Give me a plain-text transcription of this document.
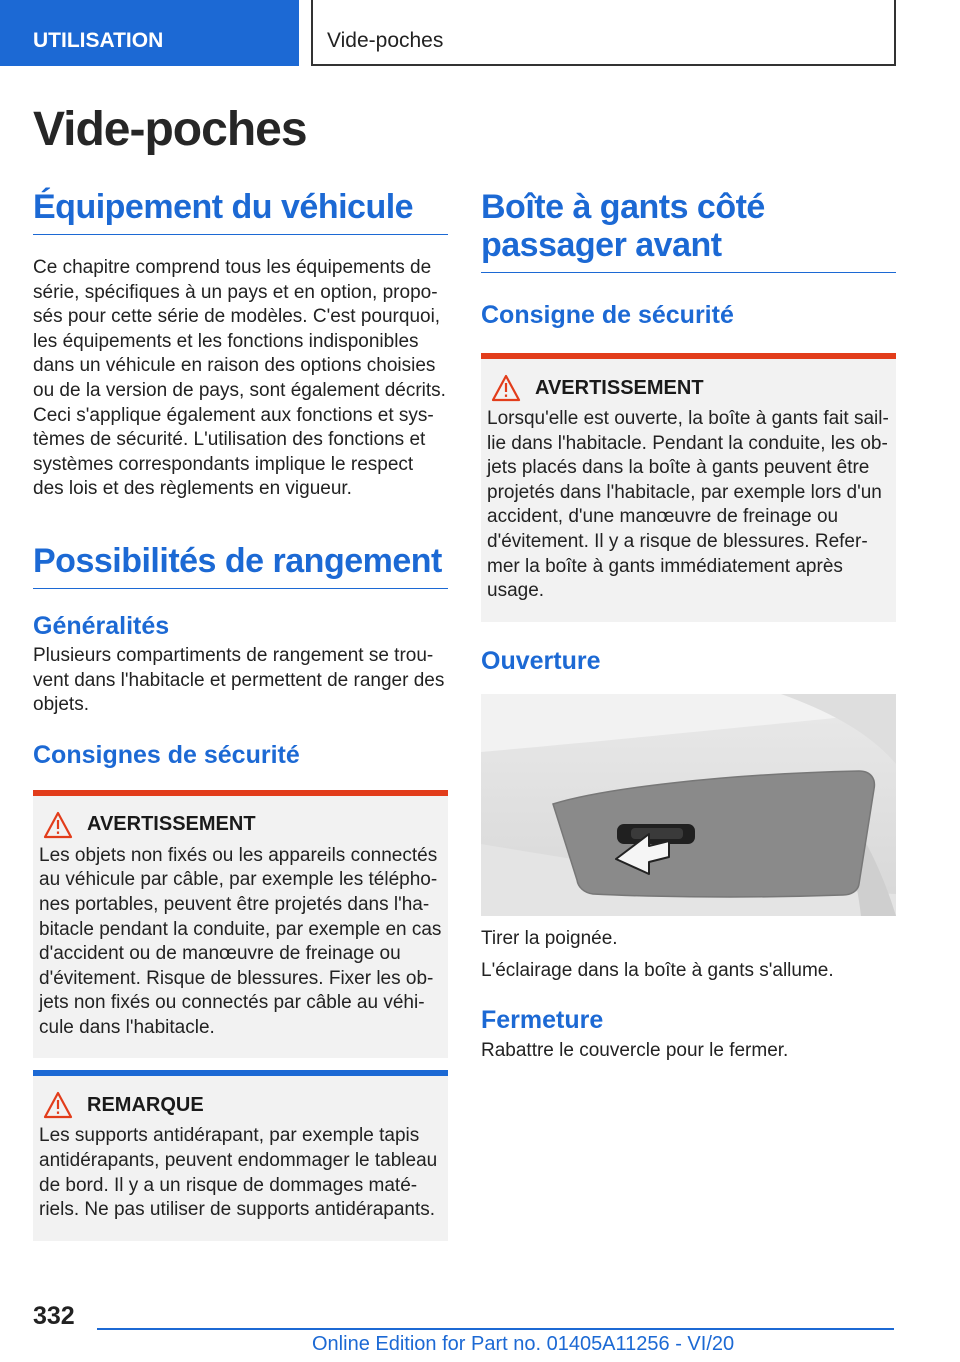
UTILISATION	Vide-poches
Vide-poches
Équipement du véhicule

Ce chapitre comprend tous les équipements de série, spécifiques à un pays et en option, proposés pour cette série de modèles. C'est pourquoi, les équipements et les fonctions indisponibles dans un véhicule en raison des options choisies ou de la version de pays, sont également décrits. Ceci s'applique également aux fonctions et systèmes de sécurité. L'utilisation des fonctions et systèmes correspondants implique le respect des lois et des règlements en vigueur.

Possibilités de rangement
Généralités

Plusieurs compartiments de rangement se trouvent dans l'habitacle et permettent de ranger des objets.

Consignes de sécurité
AVERTISSEMENT

Les objets non fixés ou les appareils connectés au véhicule par câble, par exemple les téléphones portables, peuvent être projetés dans l'habitacle pendant la conduite, par exemple en cas d'accident ou de manœuvre de freinage ou d'évitement. Risque de blessures. Fixer les objets non fixés ou connectés par câble au véhicule dans l'habitacle.

REMARQUE

Les supports antidérapant, par exemple tapis antidérapants, peuvent endommager le tableau de bord. Il y a un risque de dommages matériels. Ne pas utiliser de supports antidérapants.

Boîte à gants côté passager avant
Consigne de sécurité
AVERTISSEMENT

Lorsqu'elle est ouverte, la boîte à gants fait saillie dans l'habitacle. Pendant la conduite, les objets placés dans la boîte à gants peuvent être projetés dans l'habitacle, par exemple lors d'un accident, d'une manœuvre de freinage ou d'évitement. Il y a risque de blessures. Refermer la boîte à gants immédiatement après usage.

Ouverture

Tirer la poignée.

L'éclairage dans la boîte à gants s'allume.

Fermeture

Rabattre le couvercle pour le fermer.

332
Online Edition for Part no. 01405A11256 - VI/20
